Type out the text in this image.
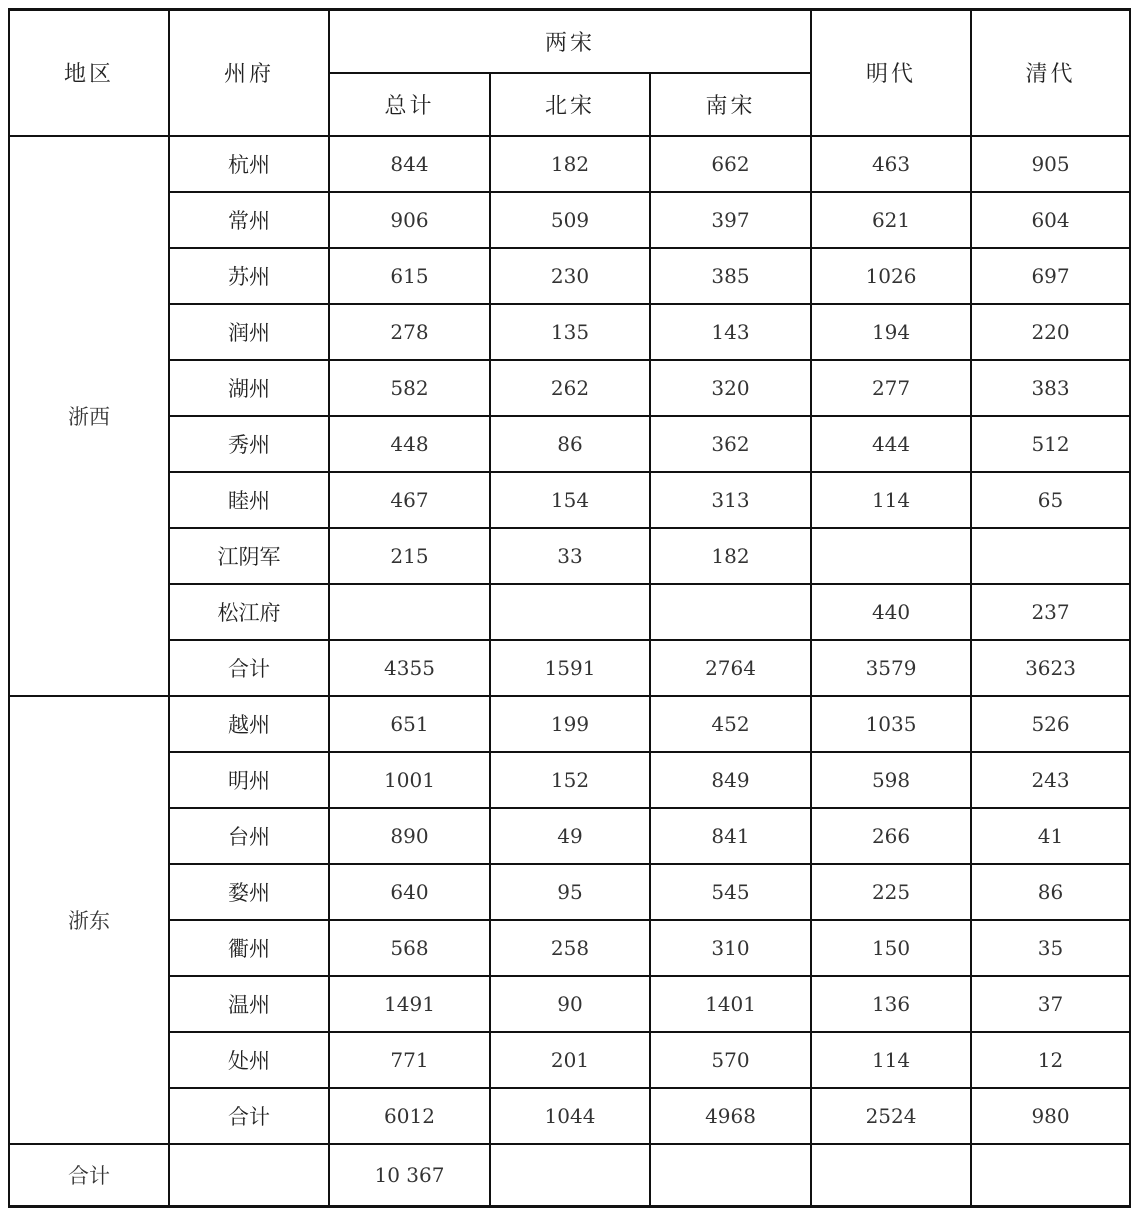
地区	州府	两宋			明代	清代
		总计	北宋	南宋		
浙西	杭州	844	182	662	463	905
	常州	906	509	397	621	604
	苏州	615	230	385	1026	697
	润州	278	135	143	194	220
	湖州	582	262	320	277	383
	秀州	448	86	362	444	512
	睦州	467	154	313	114	65
	江阴军	215	33	182		
	松江府				440	237
	合计	4355	1591	2764	3579	3623
浙东	越州	651	199	452	1035	526
	明州	1001	152	849	598	243
	台州	890	49	841	266	41
	婺州	640	95	545	225	86
	衢州	568	258	310	150	35
	温州	1491	90	1401	136	37
	处州	771	201	570	114	12
	合计	6012	1044	4968	2524	980
合计		10 367				
